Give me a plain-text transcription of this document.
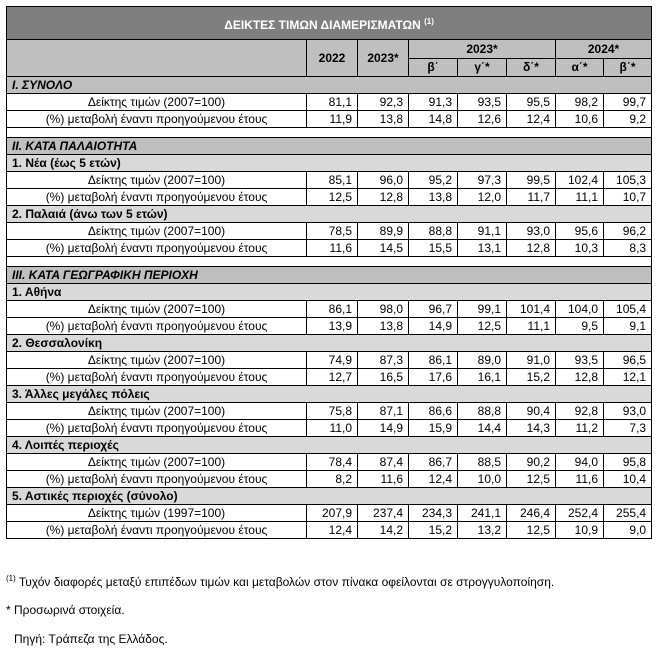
ΔΕΙΚΤΕΣ ΤΙΜΩΝ ΔΙΑΜΕΡΙΣΜΑΤΩΝ $^{(1)}$
	2022	2023*	2023*			2024*	
			β΄	γ΄*	δ΄*	α΄*	β΄*
I. ΣΥΝΟΛΟ							
Δείκτης τιμών (2007=100)	81,1	92,3	91,3	93,5	95,5	98,2	99,7
(%) μεταβολή έναντι προηγούμενου έτους	11,9	13,8	14,8	12,6	12,4	10,6	9,2

II. ΚΑΤΑ ΠΑΛΑΙΟΤΗΤΑ							
1. Νέα (έως 5 ετών)							
Δείκτης τιμών (2007=100)	85,1	96,0	95,2	97,3	99,5	102,4	105,3
(%) μεταβολή έναντι προηγούμενου έτους	12,5	12,8	13,8	12,0	11,7	11,1	10,7
2. Παλαιά (άνω των 5 ετών)							
Δείκτης τιμών (2007=100)	78,5	89,9	88,8	91,1	93,0	95,6	96,2
(%) μεταβολή έναντι προηγούμενου έτους	11,6	14,5	15,5	13,1	12,8	10,3	8,3

III. ΚΑΤΑ ΓΕΩΓΡΑΦΙΚΗ ΠΕΡΙΟΧΗ							
1. Αθήνα							
Δείκτης τιμών (2007=100)	86,1	98,0	96,7	99,1	101,4	104,0	105,4
(%) μεταβολή έναντι προηγούμενου έτους	13,9	13,8	14,9	12,5	11,1	9,5	9,1
2. Θεσσαλονίκη							
Δείκτης τιμών (2007=100)	74,9	87,3	86,1	89,0	91,0	93,5	96,5
(%) μεταβολή έναντι προηγούμενου έτους	12,7	16,5	17,6	16,1	15,2	12,8	12,1
3. Άλλες μεγάλες πόλεις							
Δείκτης τιμών (2007=100)	75,8	87,1	86,6	88,8	90,4	92,8	93,0
(%) μεταβολή έναντι προηγούμενου έτους	11,0	14,9	15,9	14,4	14,3	11,2	7,3
4. Λοιπές περιοχές							
Δείκτης τιμών (2007=100)	78,4	87,4	86,7	88,5	90,2	94,0	95,8
(%) μεταβολή έναντι προηγούμενου έτους	8,2	11,6	12,4	10,0	12,5	11,6	10,4
5. Αστικές περιοχές (σύνολο)							
Δείκτης τιμών (1997=100)	207,9	237,4	234,3	241,1	246,4	252,4	255,4
(%) μεταβολή έναντι προηγούμενου έτους	12,4	14,2	15,2	13,2	12,5	10,9	9,0
$^{(1)}$ Τυχόν διαφορές μεταξύ επιπέδων τιμών και μεταβολών στον πίνακα οφείλονται σε στρογγυλοποίηση.
* Προσωρινά στοιχεία.
Πηγή: Τράπεζα της Ελλάδος.
